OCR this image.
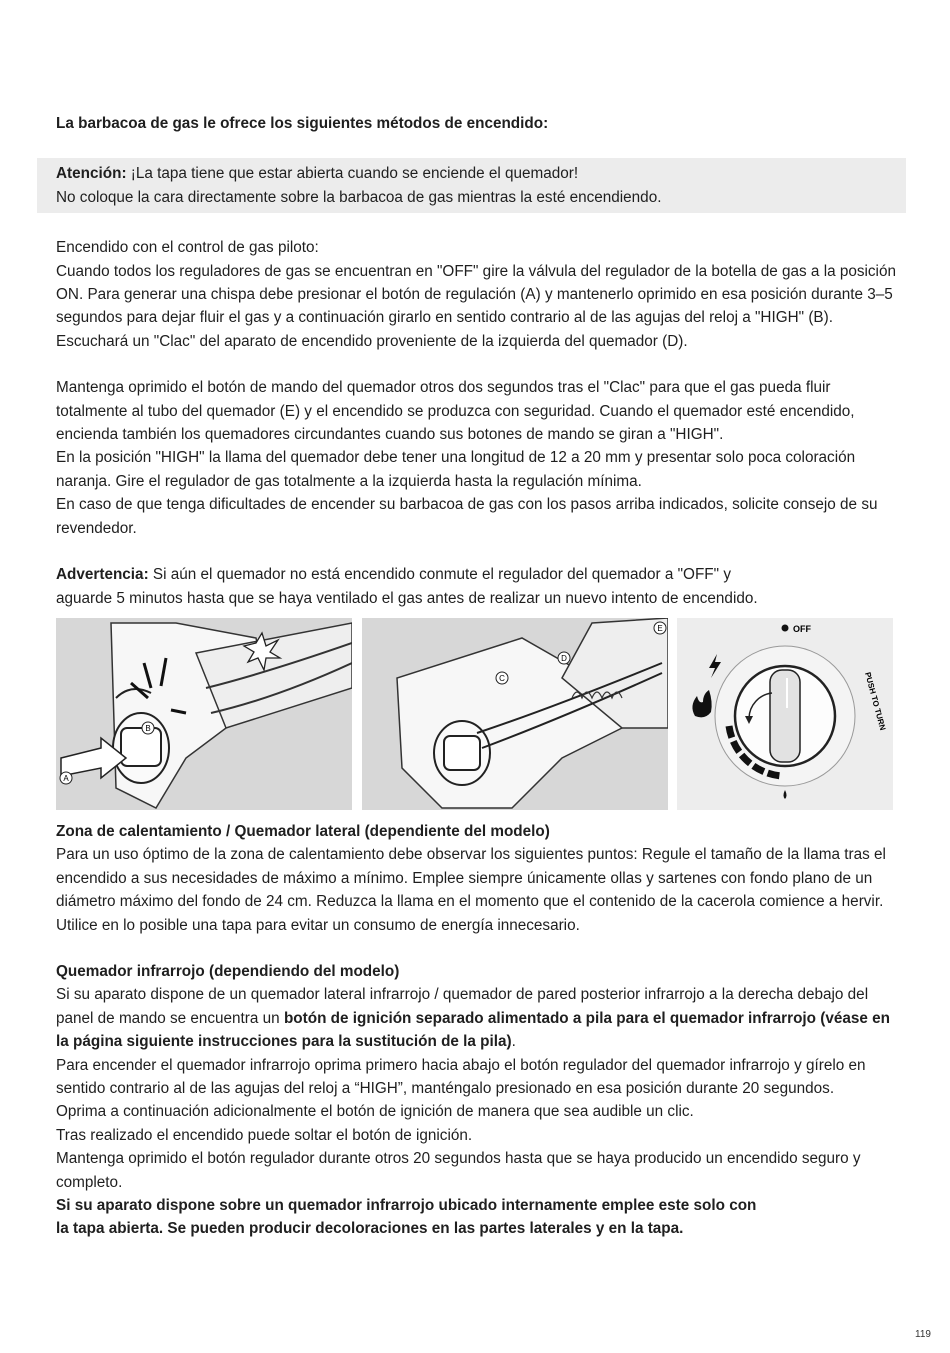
La barbacoa de gas le ofrece los siguientes métodos de encendido:

Atención: ¡La tapa tiene que estar abierta cuando se enciende el quemador!

No coloque la cara directamente sobre la barbacoa de gas mientras la esté encendiendo.

Encendido con el control de gas piloto:

Cuando todos los reguladores de gas se encuentran en "OFF" gire la válvula del regulador de la botella de gas a la posición ON. Para generar una chispa debe presionar el botón de regulación (A) y mantenerlo oprimido en esa posición durante 3–5 segundos para dejar fluir el gas y a continuación girarlo en sentido contrario al de las agujas del reloj a "HIGH" (B). Escuchará un "Clac" del aparato de encendido proveniente de la izquierda del quemador (D).

Mantenga oprimido el botón de mando del quemador otros dos segundos tras el "Clac" para que el gas pueda fluir totalmente al tubo del quemador (E) y el encendido se produzca con seguridad. Cuando el quemador esté encendido, encienda también los quemadores circundantes cuando sus botones de mando se giran a "HIGH".

En la posición "HIGH" la llama del quemador debe tener una longitud de 12 a 20 mm y presentar solo poca coloración naranja. Gire el regulador de gas totalmente a la izquierda hasta la regulación mínima.

En caso de que tenga dificultades de encender su barbacoa de gas con los pasos arriba indicados, solicite consejo de su revendedor.

Advertencia: Si aún el quemador no está encendido conmute el regulador del quemador a "OFF" y

aguarde 5 minutos hasta que se haya ventilado el gas antes de realizar un nuevo intento de encendido.

B
A
C
D
E	OFF
PUSH TO TURN

Zona de calentamiento / Quemador lateral (dependiente del modelo)

Para un uso óptimo de la zona de calentamiento debe observar los siguientes puntos: Regule el tamaño de la llama tras el encendido a sus necesidades de máximo a mínimo. Emplee siempre únicamente ollas y sartenes con fondo plano de un diámetro máximo del fondo de 24 cm. Reduzca la llama en el momento que el contenido de la cacerola comience a hervir. Utilice en lo posible una tapa para evitar un consumo de energía innecesario.

Quemador infrarrojo (dependiendo del modelo)

Si su aparato dispone de un quemador lateral infrarrojo / quemador de pared posterior infrarrojo a la derecha debajo del panel de mando se encuentra un botón de ignición separado alimentado a pila para el quemador infrarrojo (véase en la página siguiente instrucciones para la sustitución de la pila).

Para encender el quemador infrarrojo oprima primero hacia abajo el botón regulador del quemador infrarrojo y gírelo en sentido contrario al de las agujas del reloj a “HIGH”, manténgalo presionado en esa posición durante 20 segundos.

Oprima a continuación adicionalmente el botón de ignición de manera que sea audible un clic.

Tras realizado el encendido puede soltar el botón de ignición.

Mantenga oprimido el botón regulador durante otros 20 segundos hasta que se haya producido un encendido seguro y completo.

Si su aparato dispone sobre un quemador infrarrojo ubicado internamente emplee este solo con

la tapa abierta. Se pueden producir decoloraciones en las partes laterales y en la tapa.

119
